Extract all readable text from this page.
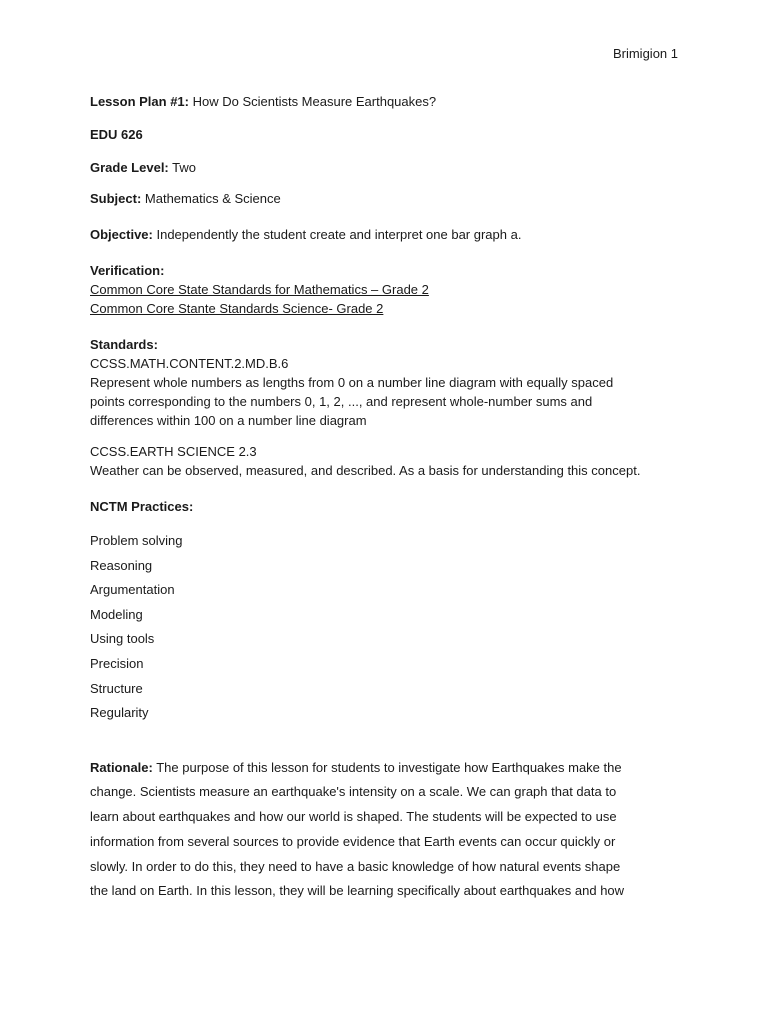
Brimigion 1
Lesson Plan #1: How Do Scientists Measure Earthquakes?
EDU 626
Grade Level: Two
Subject: Mathematics & Science
Objective: Independently the student create and interpret one bar graph a.
Verification:
Common Core State Standards for Mathematics – Grade 2
Common Core Stante Standards Science- Grade 2
Standards:
CCSS.MATH.CONTENT.2.MD.B.6
Represent whole numbers as lengths from 0 on a number line diagram with equally spaced
points corresponding to the numbers 0, 1, 2, ..., and represent whole-number sums and
differences within 100 on a number line diagram
CCSS.EARTH SCIENCE 2.3
Weather can be observed, measured, and described. As a basis for understanding this concept.
NCTM Practices:
Problem solving
Reasoning
Argumentation
Modeling
Using tools
Precision
Structure
Regularity
Rationale: The purpose of this lesson for students to investigate how Earthquakes make the
change. Scientists measure an earthquake's intensity on a scale. We can graph that data to
learn about earthquakes and how our world is shaped. The students will be expected to use
information from several sources to provide evidence that Earth events can occur quickly or
slowly. In order to do this, they need to have a basic knowledge of how natural events shape
the land on Earth. In this lesson, they will be learning specifically about earthquakes and how
